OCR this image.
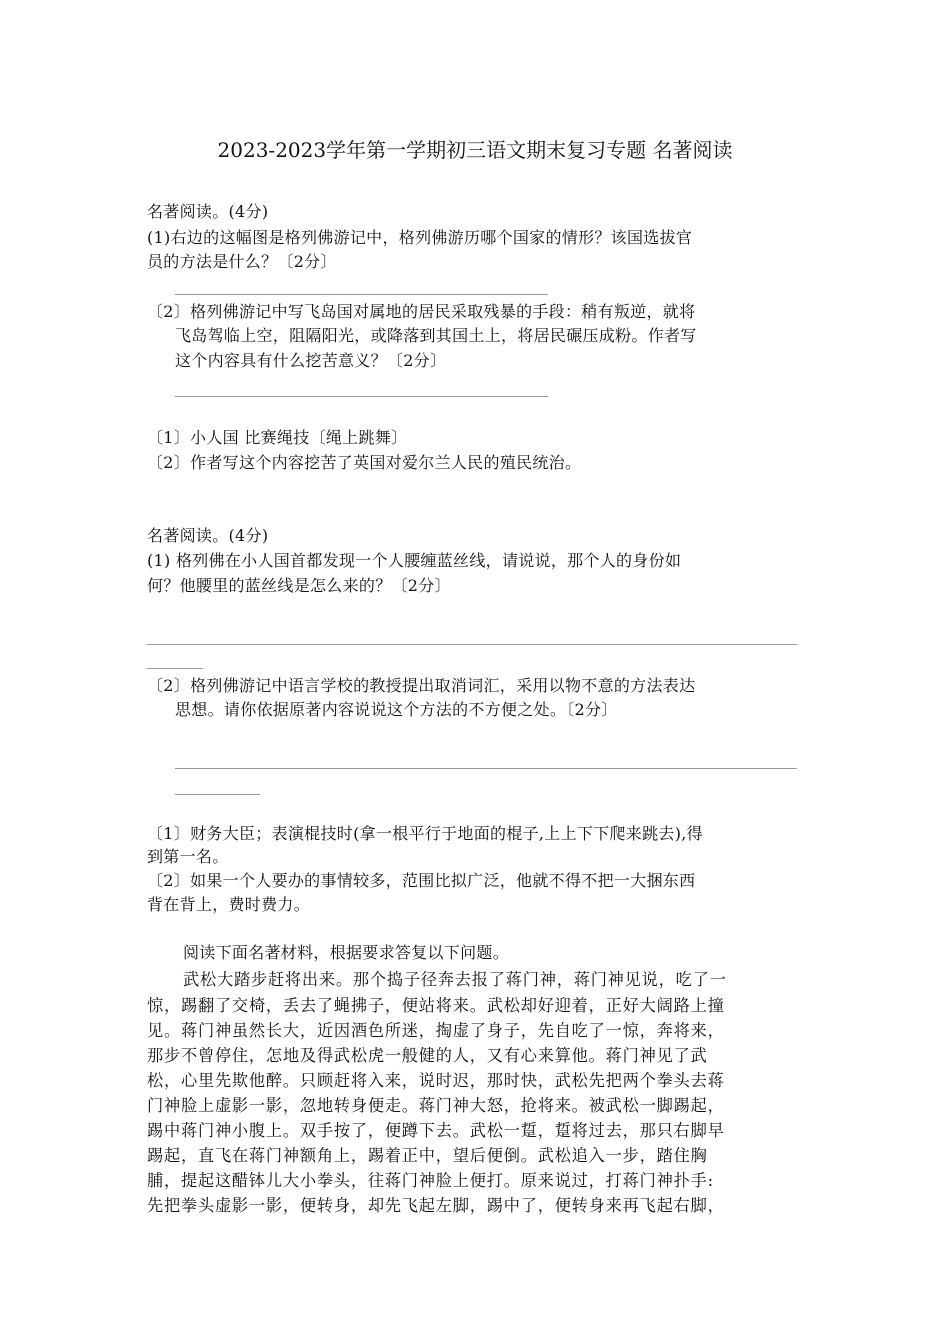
2023-2023学年第一学期初三语文期末复习专题 名著阅读
名著阅读。(4分)
(1)右边的这幅图是格列佛游记中，格列佛游历哪个国家的情形？该国选拔官
员的方法是什么？〔2分〕
〔2〕格列佛游记中写飞岛国对属地的居民采取残暴的手段：稍有叛逆，就将
飞岛驾临上空，阻隔阳光，或降落到其国土上，将居民碾压成粉。作者写
这个内容具有什么挖苦意义？〔2分〕
〔1〕小人国 比赛绳技〔绳上跳舞〕
〔2〕作者写这个内容挖苦了英国对爱尔兰人民的殖民统治。
名著阅读。(4分)
(1) 格列佛在小人国首都发现一个人腰缠蓝丝线，请说说，那个人的身份如
何？他腰里的蓝丝线是怎么来的？〔2分〕
〔2〕格列佛游记中语言学校的教授提出取消词汇，采用以物不意的方法表达
思想。请你依据原著内容说说这个方法的不方便之处。〔2分〕
〔1〕财务大臣；表演棍技时(拿一根平行于地面的棍子,上上下下爬来跳去),得
到第一名。
〔2〕如果一个人要办的事情较多，范围比拟广泛，他就不得不把一大捆东西
背在背上，费时费力。
阅读下面名著材料，根据要求答复以下问题。
武松大踏步赶将出来。那个捣子径奔去报了蒋门神，蒋门神见说，吃了一
惊，踢翻了交椅，丢去了蝇拂子，便站将来。武松却好迎着，正好大阔路上撞
见。蒋门神虽然长大，近因酒色所迷，掏虚了身子，先自吃了一惊，奔将来，
那步不曾停住，怎地及得武松虎一般健的人，又有心来算他。蒋门神见了武
松，心里先欺他醉。只顾赶将入来，说时迟，那时快，武松先把两个拳头去蒋
门神脸上虚影一影，忽地转身便走。蒋门神大怒，抢将来。被武松一脚踢起，
踢中蒋门神小腹上。双手按了，便蹲下去。武松一踅，踅将过去，那只右脚早
踢起，直飞在蒋门神额角上，踢着正中，望后便倒。武松追入一步，踏住胸
脯，提起这醋钵儿大小拳头，往蒋门神脸上便打。原来说过，打蒋门神扑手:
先把拳头虚影一影，便转身，却先飞起左脚，踢中了，便转身来再飞起右脚，
